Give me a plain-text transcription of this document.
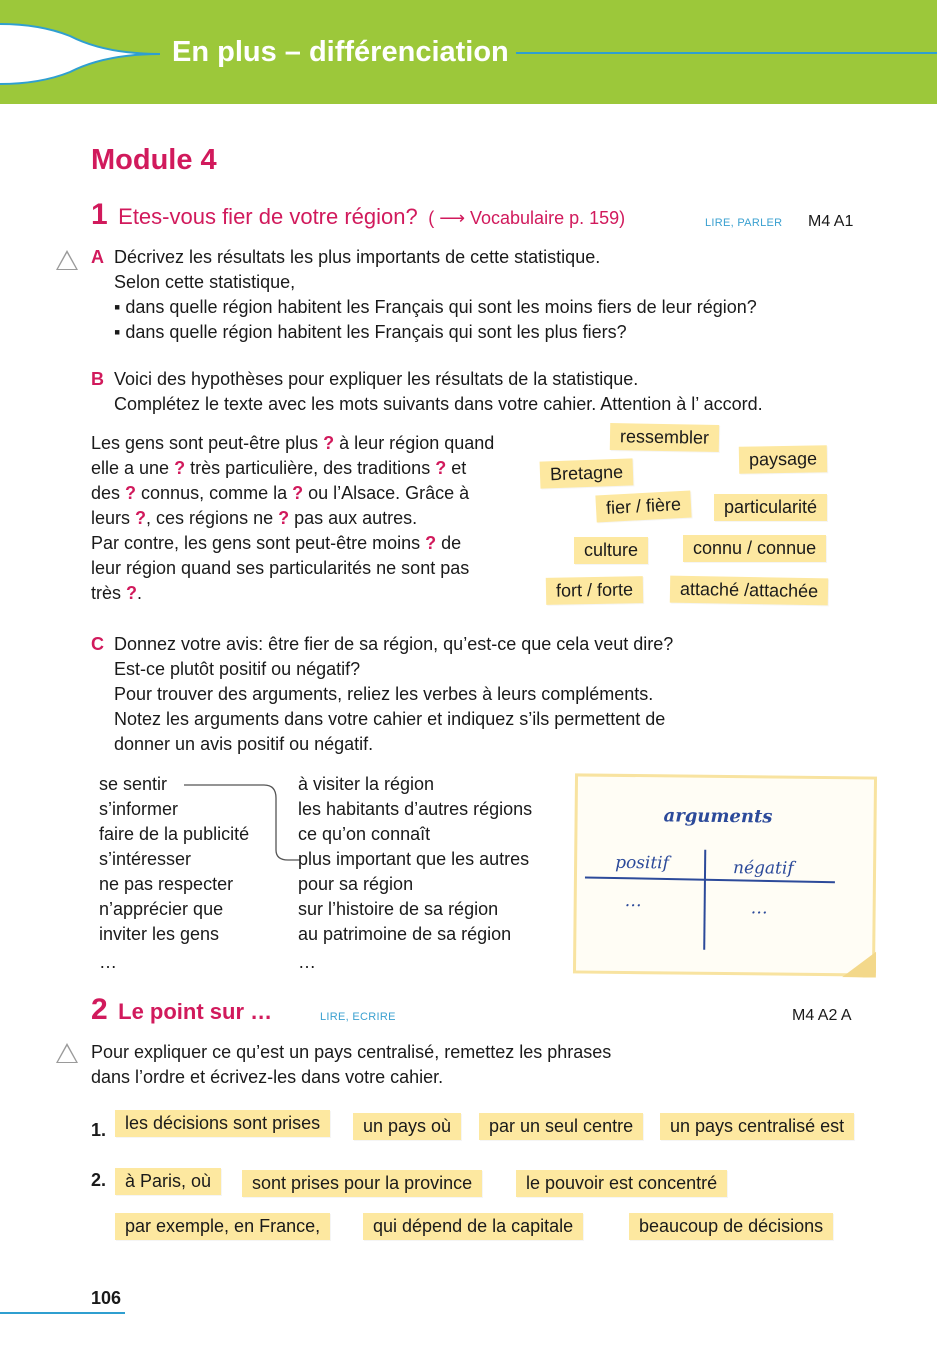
En plus – différenciation
Module 4
1 Etes-vous fier de votre région? ( ⟶ Vocabulaire p. 159)	LIRE, PARLER M4 A1
A Décrivez les résultats les plus importants de cette statistique.
Selon cette statistique,
▪ dans quelle région habitent les Français qui sont les moins fiers de leur région?
▪ dans quelle région habitent les Français qui sont les plus fiers?
B Voici des hypothèses pour expliquer les résultats de la statistique.
Complétez le texte avec les mots suivants dans votre cahier. Attention à l’ accord.
Les gens sont peut-être plus ? à leur région quand
elle a une ? très particulière, des traditions ? et
des ? connus, comme la ? ou l’Alsace. Grâce à
leurs ?, ces régions ne ? pas aux autres.
Par contre, les gens sont peut-être moins ? de
leur région quand ses particularités ne sont pas
très ?.
ressembler
Bretagne
paysage
fier / fière	particularité
culture	connu / connue
fort / forte	attaché /attachée
C Donnez votre avis: être fier de sa région, qu’est-ce que cela veut dire?
Est-ce plutôt positif ou négatif?
Pour trouver des arguments, reliez les verbes à leurs compléments.
Notez les arguments dans votre cahier et indiquez s’ils permettent de
donner un avis positif ou négatif.
se sentir
s’informer
faire de la publicité
s’intéresser
ne pas respecter
n’apprécier que
inviter les gens
…
à visiter la région
les habitants d’autres régions
ce qu’on connaît
plus important que les autres
pour sa région
sur l’histoire de sa région
au patrimoine de sa région
…
arguments
positif	négatif
…	…
2 Le point sur …	LIRE, ECRIRE	M4 A2 A
Pour expliquer ce qu’est un pays centralisé, remettez les phrases
dans l’ordre et écrivez-les dans votre cahier.
1.	les décisions sont prises	un pays où	par un seul centre	un pays centralisé est
2.	à Paris, où	sont prises pour la province	le pouvoir est concentré
par exemple, en France,	qui dépend de la capitale	beaucoup de décisions
106
